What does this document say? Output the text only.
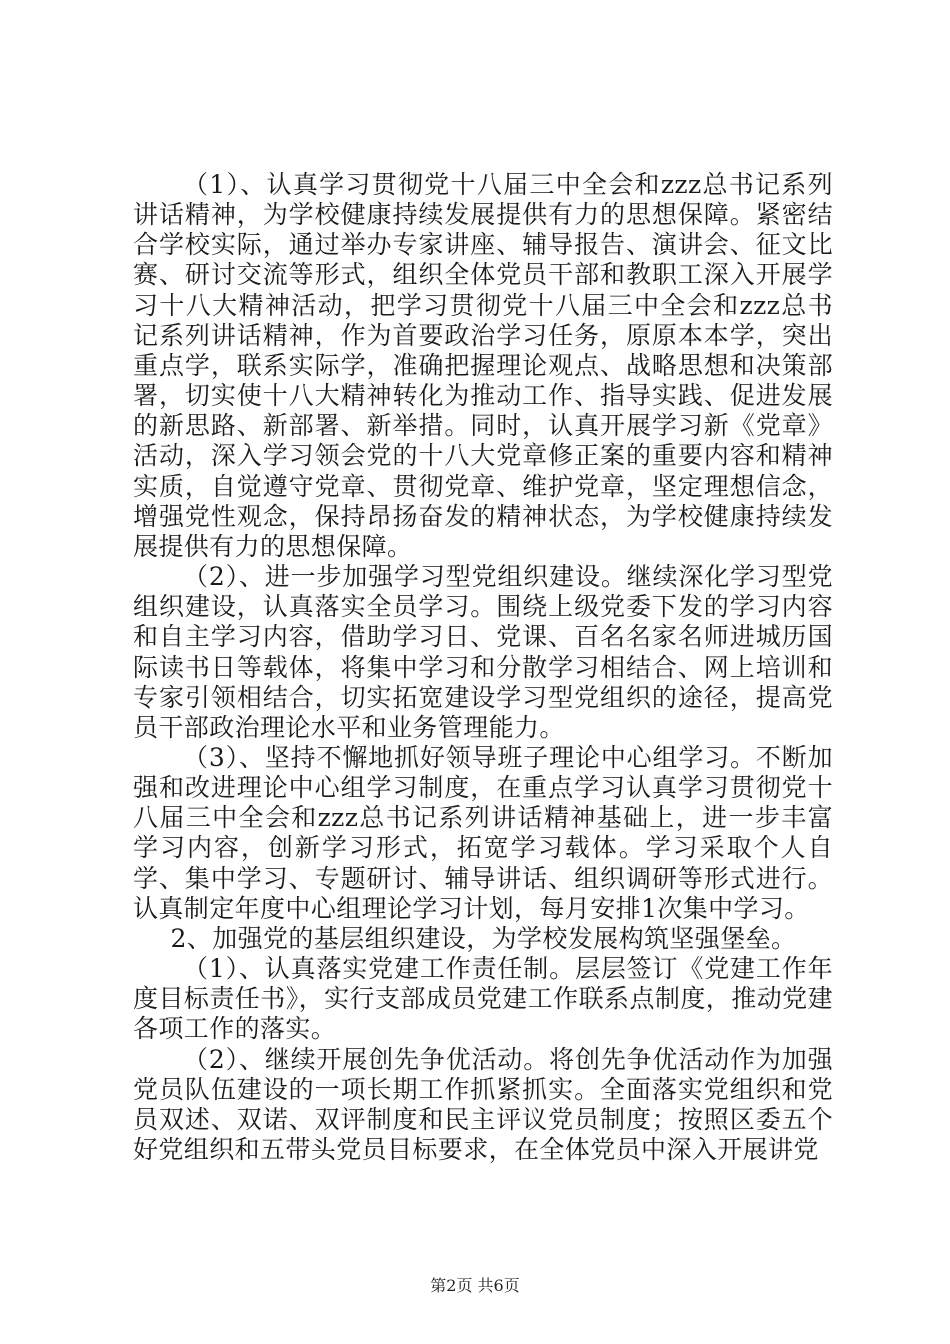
（1）、认真学习贯彻党十八届三中全会和zzz总书记系列讲话精神，为学校健康持续发展提供有力的思想保障。紧密结合学校实际，通过举办专家讲座、辅导报告、演讲会、征文比赛、研讨交流等形式，组织全体党员干部和教职工深入开展学习十八大精神活动，把学习贯彻党十八届三中全会和zzz总书记系列讲话精神，作为首要政治学习任务，原原本本学，突出重点学，联系实际学，准确把握理论观点、战略思想和决策部署，切实使十八大精神转化为推动工作、指导实践、促进发展的新思路、新部署、新举措。同时，认真开展学习新《党章》活动，深入学习领会党的十八大党章修正案的重要内容和精神实质，自觉遵守党章、贯彻党章、维护党章，坚定理想信念，增强党性观念，保持昂扬奋发的精神状态，为学校健康持续发展提供有力的思想保障。

（2）、进一步加强学习型党组织建设。继续深化学习型党组织建设，认真落实全员学习。围绕上级党委下发的学习内容和自主学习内容，借助学习日、党课、百名名家名师进城历国际读书日等载体，将集中学习和分散学习相结合、网上培训和专家引领相结合，切实拓宽建设学习型党组织的途径，提高党员干部政治理论水平和业务管理能力。

（3）、坚持不懈地抓好领导班子理论中心组学习。不断加强和改进理论中心组学习制度，在重点学习认真学习贯彻党十八届三中全会和zzz总书记系列讲话精神基础上，进一步丰富学习内容，创新学习形式，拓宽学习载体。学习采取个人自学、集中学习、专题研讨、辅导讲话、组织调研等形式进行。认真制定年度中心组理论学习计划，每月安排1次集中学习。

2、加强党的基层组织建设，为学校发展构筑坚强堡垒。

（1）、认真落实党建工作责任制。层层签订《党建工作年度目标责任书》，实行支部成员党建工作联系点制度，推动党建各项工作的落实。

（2）、继续开展创先争优活动。将创先争优活动作为加强党员队伍建设的一项长期工作抓紧抓实。全面落实党组织和党员双述、双诺、双评制度和民主评议党员制度；按照区委五个好党组织和五带头党员目标要求，在全体党员中深入开展讲党

第2页 共6页
